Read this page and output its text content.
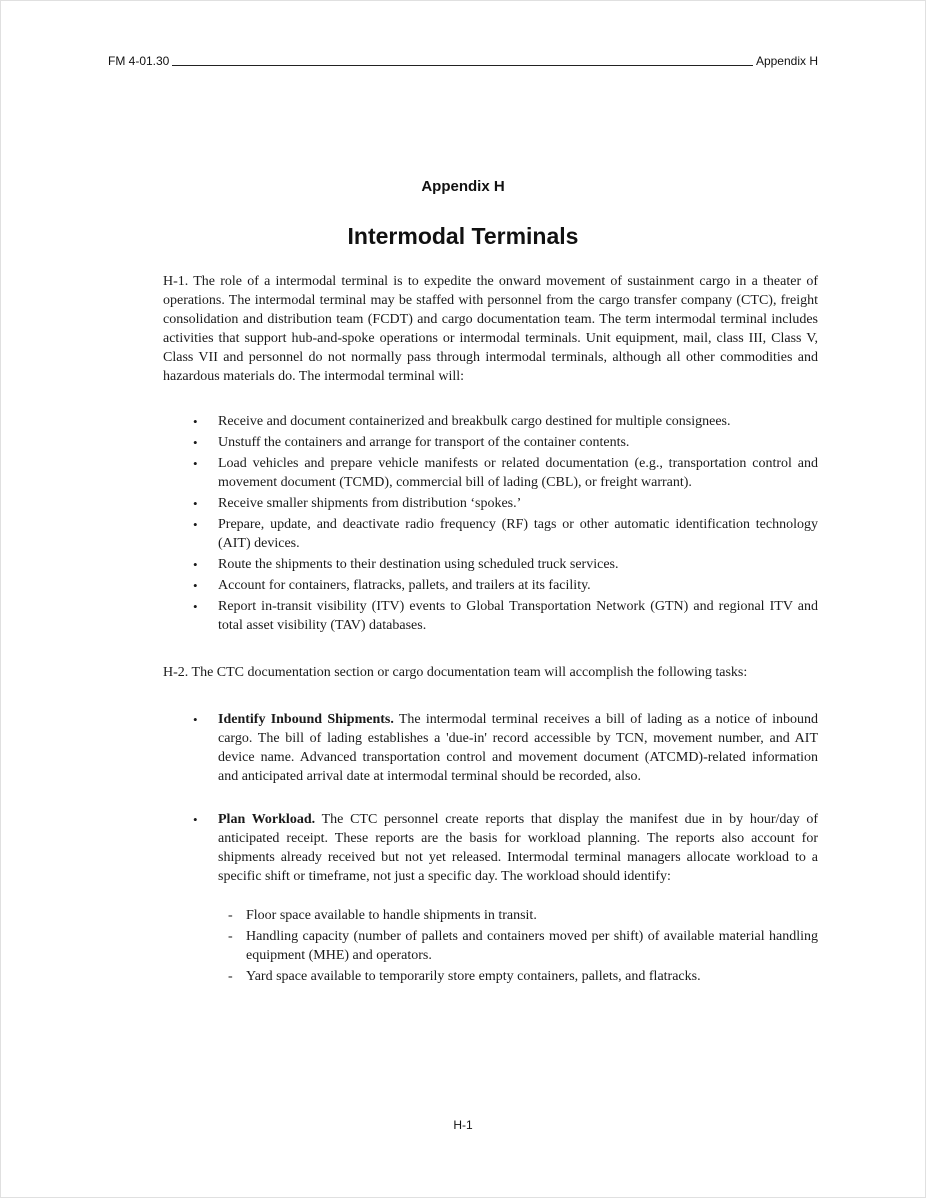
FM 4-01.30	Appendix H
Appendix H
Intermodal Terminals

H-1. The role of a intermodal terminal is to expedite the onward movement of sustainment cargo in a theater of operations. The intermodal terminal may be staffed with personnel from the cargo transfer company (CTC), freight consolidation and distribution team (FCDT) and cargo documentation team. The term intermodal terminal includes activities that support hub-and-spoke operations or intermodal terminals. Unit equipment, mail, class III, Class V, Class VII and personnel do not normally pass through intermodal terminals, although all other commodities and hazardous materials do. The intermodal terminal will:

•	Receive and document containerized and breakbulk cargo destined for multiple consignees.
•	Unstuff the containers and arrange for transport of the container contents.
•	Load vehicles and prepare vehicle manifests or related documentation (e.g., transportation control and movement document (TCMD), commercial bill of lading (CBL), or freight warrant).
•	Receive smaller shipments from distribution ‘spokes.’
•	Prepare, update, and deactivate radio frequency (RF) tags or other automatic identification technology (AIT) devices.
•	Route the shipments to their destination using scheduled truck services.
•	Account for containers, flatracks, pallets, and trailers at its facility.
•	Report in-transit visibility (ITV) events to Global Transportation Network (GTN) and regional ITV and total asset visibility (TAV) databases.

H-2. The CTC documentation section or cargo documentation team will accomplish the following tasks:

•	Identify Inbound Shipments. The intermodal terminal receives a bill of lading as a notice of inbound cargo. The bill of lading establishes a 'due-in' record accessible by TCN, movement number, and AIT device name. Advanced transportation control and movement document (ATCMD)-related information and anticipated arrival date at intermodal terminal should be recorded, also.
•	Plan Workload. The CTC personnel create reports that display the manifest due in by hour/day of anticipated receipt. These reports are the basis for workload planning. The reports also account for shipments already received but not yet released. Intermodal terminal managers allocate workload to a specific shift or timeframe, not just a specific day. The workload should identify:
- Floor space available to handle shipments in transit.
- Handling capacity (number of pallets and containers moved per shift) of available material handling equipment (MHE) and operators.
- Yard space available to temporarily store empty containers, pallets, and flatracks.
H-1
